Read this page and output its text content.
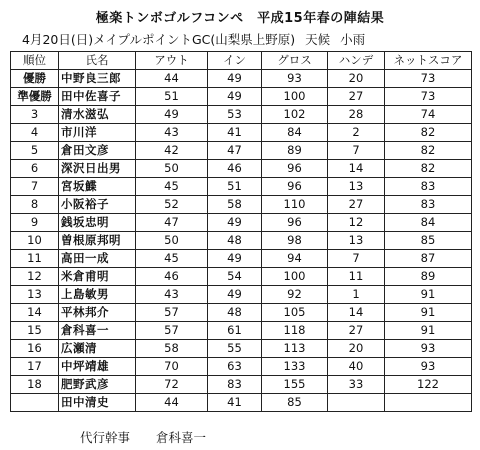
極楽トンボゴルフコンペ　平成15年春の陣結果
4月20日(日)メイプルポイントGC(山梨県上野原) 天候 小雨
順位	氏名	アウト	イン	グロス	ハンデ	ネットスコア
優勝	中野良三郎	44	49	93	20	73
準優勝	田中佐喜子	51	49	100	27	73
3	清水滋弘	49	53	102	28	74
4	市川洋	43	41	84	2	82
5	倉田文彦	42	47	89	7	82
6	深沢日出男	50	46	96	14	82
7	宮坂鰈	45	51	96	13	83
8	小阪裕子	52	58	110	27	83
9	銭坂忠明	47	49	96	12	84
10	曽根原邦明	50	48	98	13	85
11	高田一成	45	49	94	7	87
12	米倉甫明	46	54	100	11	89
13	上島敏男	43	49	92	1	91
14	平林邦介	57	48	105	14	91
15	倉科喜一	57	61	118	27	91
16	広瀬清	58	55	113	20	93
17	中坪靖雄	70	63	133	40	93
18	肥野武彦	72	83	155	33	122
	田中清史	44	41	85		
代行幹事 倉科喜一
